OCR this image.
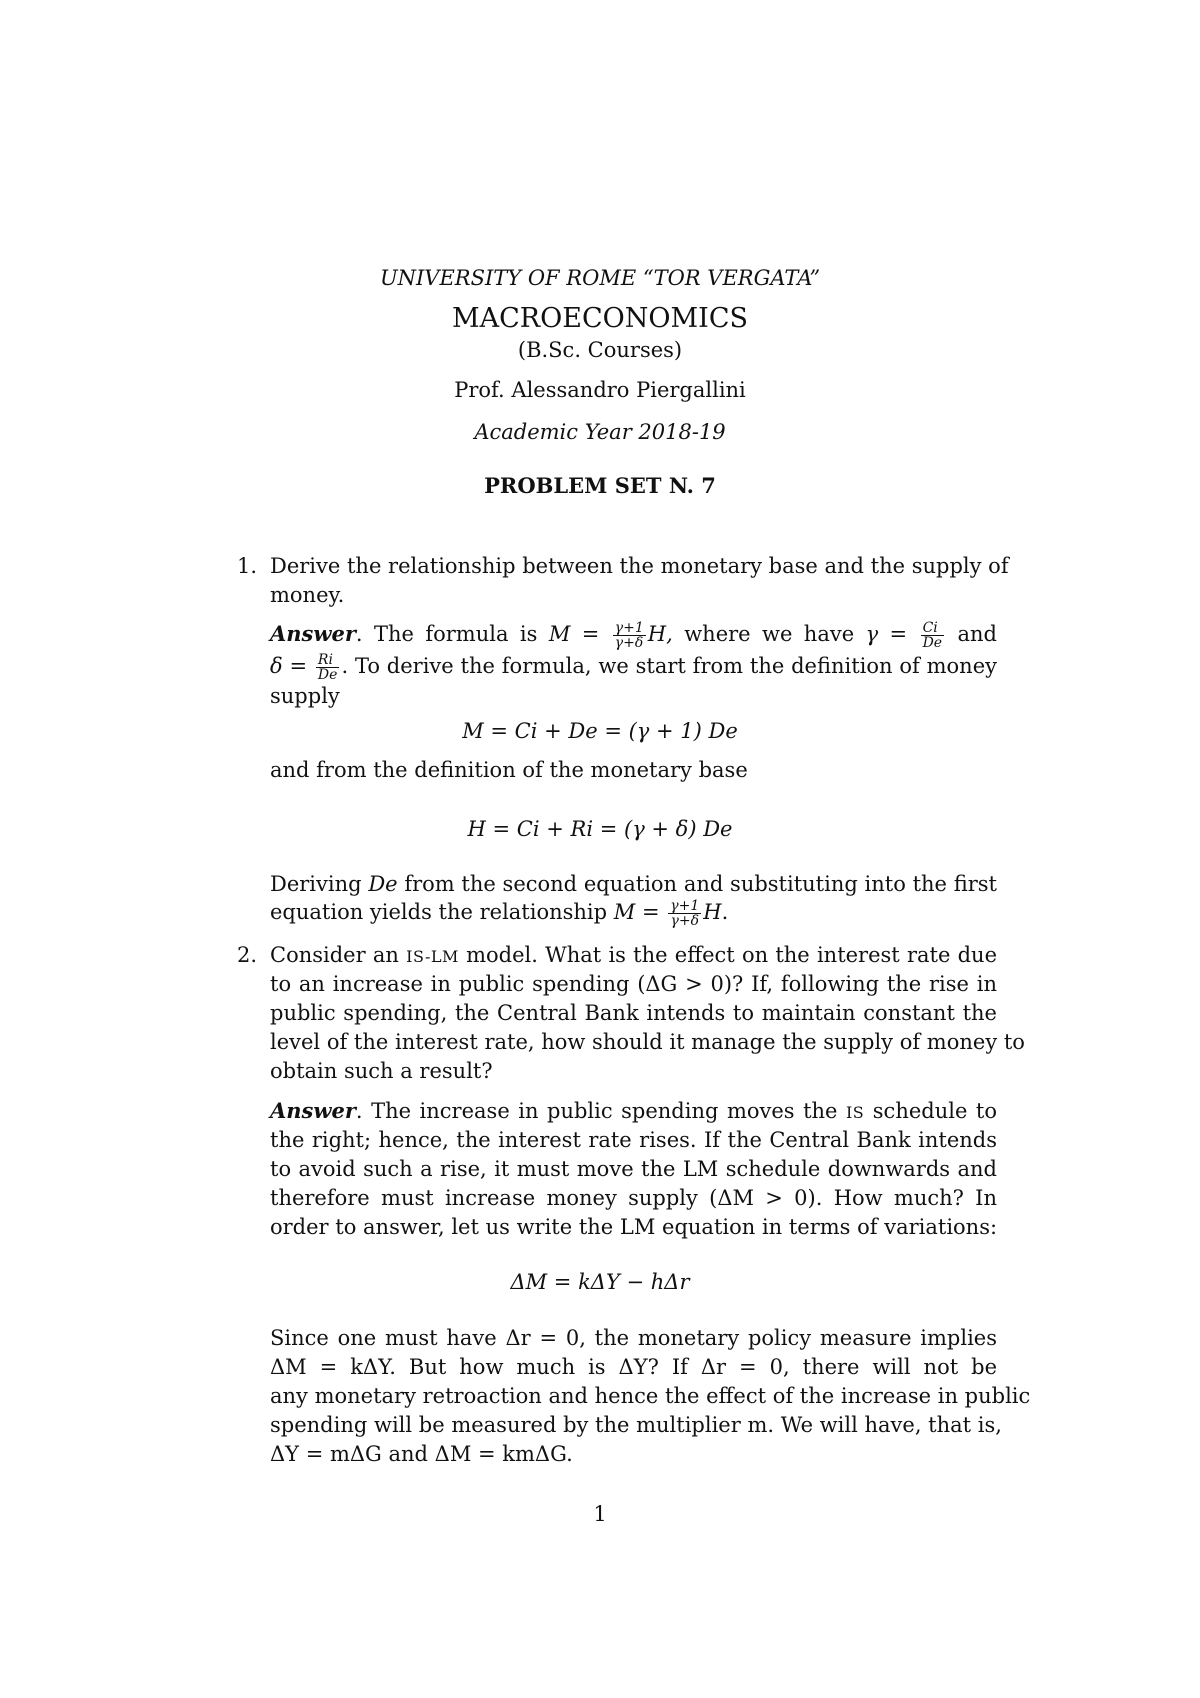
UNIVERSITY OF ROME “TOR VERGATA”
MACROECONOMICS
(B.Sc. Courses)
Prof. Alessandro Piergallini
Academic Year 2018-19
PROBLEM SET N. 7
1. Derive the relationship between the monetary base and the supply of
money.
Answer. The formula is $M = \frac{\gamma+1}{\gamma+\delta} H$, where we have $\gamma = \frac{Ci}{De}$ and
$\delta = \frac{Ri}{De}$ . To derive the formula, we start from the definition of money
supply
M = Ci + De = (γ + 1) De
and from the definition of the monetary base
H = Ci + Ri = (γ + δ) De
Deriving De from the second equation and substituting into the first
equation yields the relationship $M = \frac{\gamma+1}{\gamma+\delta} H$.
2. Consider an IS-LM model. What is the effect on the interest rate due
to an increase in public spending (ΔG > 0)? If, following the rise in
public spending, the Central Bank intends to maintain constant the
level of the interest rate, how should it manage the supply of money to
obtain such a result?
Answer. The increase in public spending moves the IS schedule to
the right; hence, the interest rate rises. If the Central Bank intends
to avoid such a rise, it must move the LM schedule downwards and
therefore must increase money supply (ΔM > 0). How much? In
order to answer, let us write the LM equation in terms of variations:
ΔM = kΔY − hΔr
Since one must have Δr = 0, the monetary policy measure implies
ΔM = kΔY. But how much is ΔY? If Δr = 0, there will not be
any monetary retroaction and hence the effect of the increase in public
spending will be measured by the multiplier m. We will have, that is,
ΔY = mΔG and ΔM = kmΔG.
1
